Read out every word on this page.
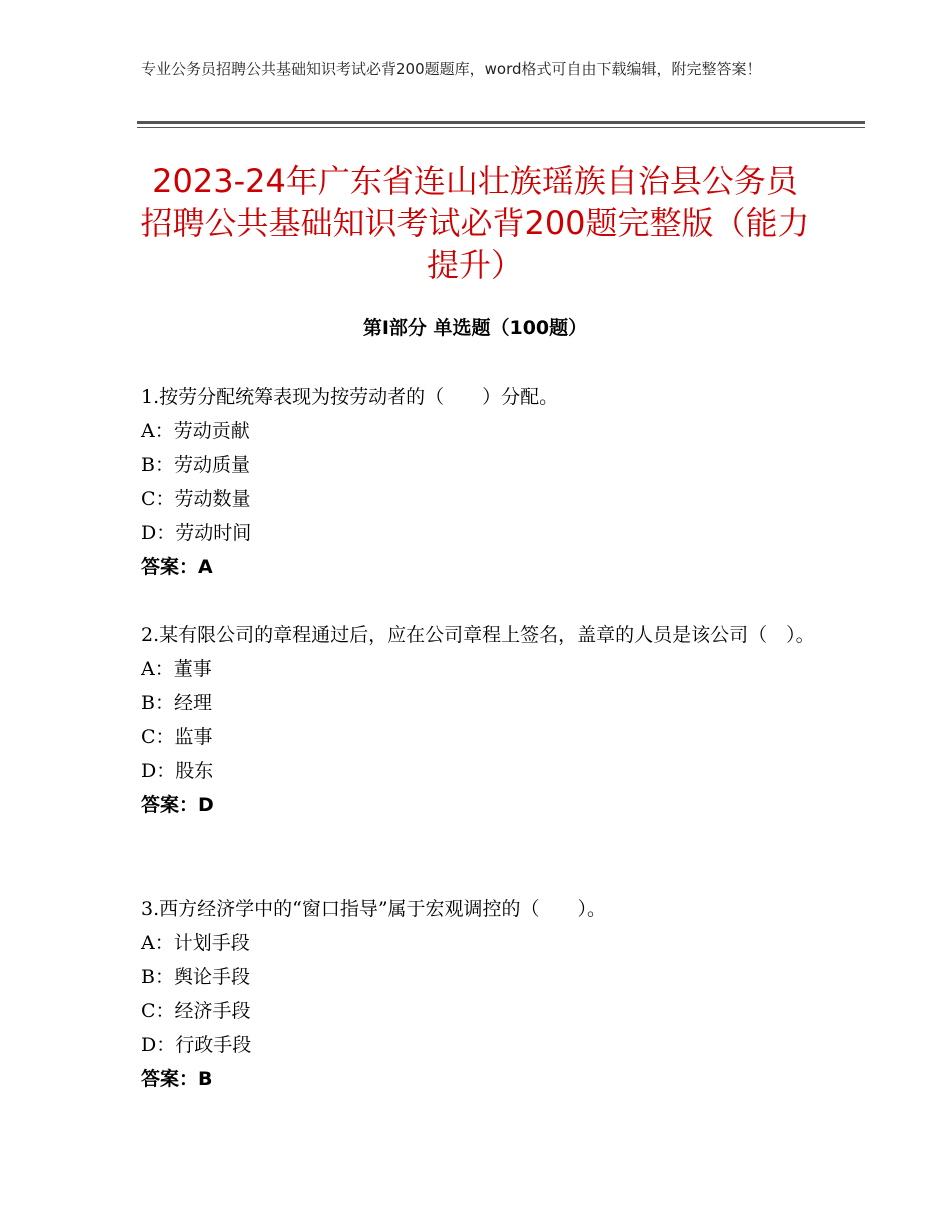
专业公务员招聘公共基础知识考试必背200题题库，word格式可自由下载编辑，附完整答案！
2023-24年广东省连山壮族瑶族自治县公务员招聘公共基础知识考试必背200题完整版（能力提升）
第I部分 单选题（100题）
1.按劳分配统筹表现为按劳动者的（　　）分配。
A：劳动贡献
B：劳动质量
C：劳动数量
D：劳动时间
答案：A
2.某有限公司的章程通过后，应在公司章程上签名，盖章的人员是该公司（　）。
A：董事
B：经理
C：监事
D：股东
答案：D
3.西方经济学中的“窗口指导”属于宏观调控的（　　）。
A：计划手段
B：舆论手段
C：经济手段
D：行政手段
答案：B
